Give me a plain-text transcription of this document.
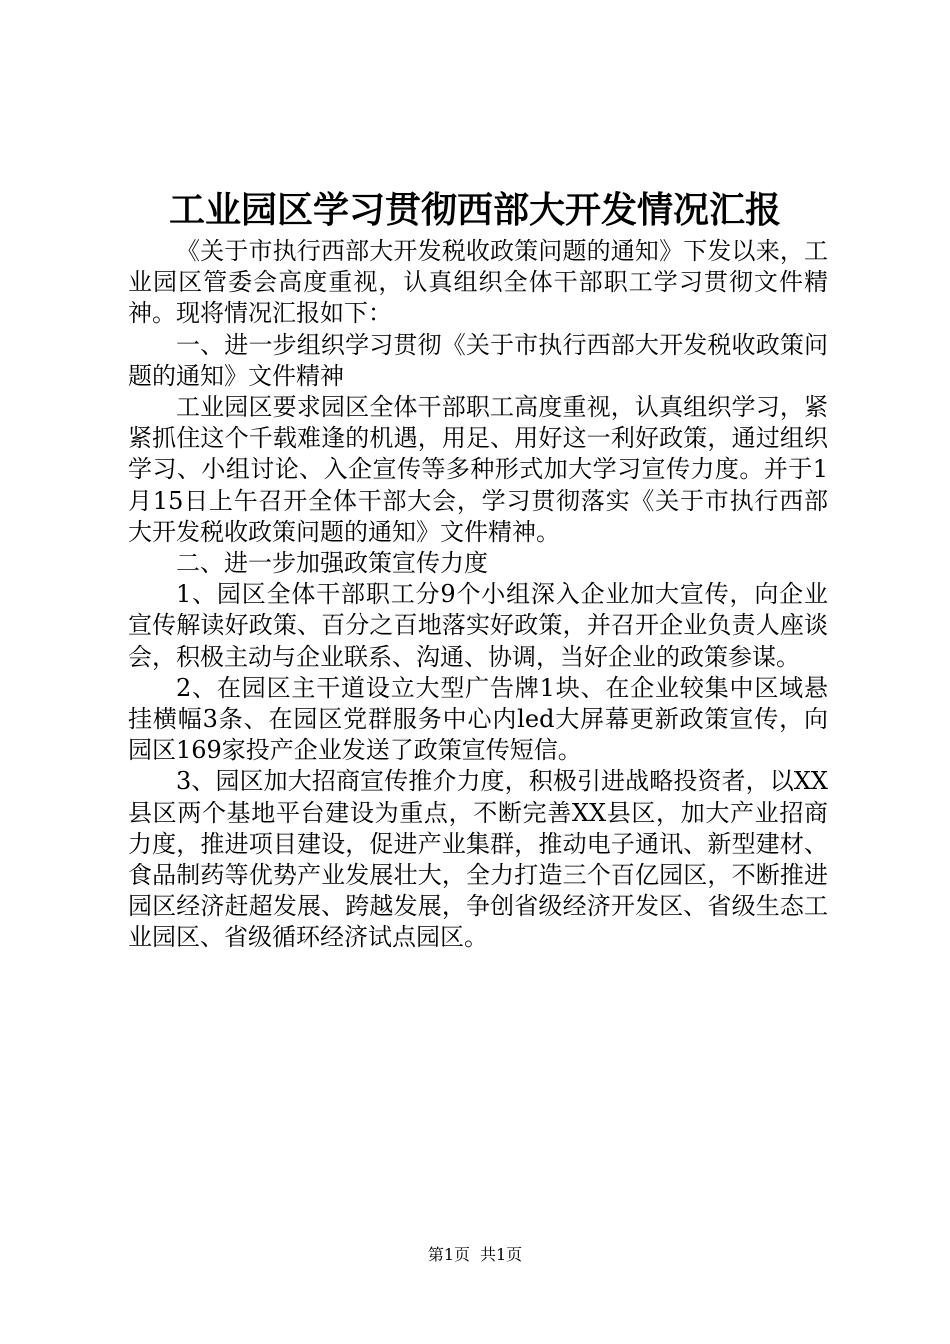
工业园区学习贯彻西部大开发情况汇报

《关于市执行西部大开发税收政策问题的通知》下发以来，工业园区管委会高度重视，认真组织全体干部职工学习贯彻文件精神。现将情况汇报如下：

一、进一步组织学习贯彻《关于市执行西部大开发税收政策问题的通知》文件精神

工业园区要求园区全体干部职工高度重视，认真组织学习，紧紧抓住这个千载难逢的机遇，用足、用好这一利好政策，通过组织学习、小组讨论、入企宣传等多种形式加大学习宣传力度。并于1月15日上午召开全体干部大会，学习贯彻落实《关于市执行西部大开发税收政策问题的通知》文件精神。

二、进一步加强政策宣传力度

1、园区全体干部职工分9个小组深入企业加大宣传，向企业宣传解读好政策、百分之百地落实好政策，并召开企业负责人座谈会，积极主动与企业联系、沟通、协调，当好企业的政策参谋。

2、在园区主干道设立大型广告牌1块、在企业较集中区域悬挂横幅3条、在园区党群服务中心内led大屏幕更新政策宣传，向园区169家投产企业发送了政策宣传短信。

3、园区加大招商宣传推介力度，积极引进战略投资者，以XX县区两个基地平台建设为重点，不断完善XX县区，加大产业招商力度，推进项目建设，促进产业集群，推动电子通讯、新型建材、食品制药等优势产业发展壮大，全力打造三个百亿园区，不断推进园区经济赶超发展、跨越发展，争创省级经济开发区、省级生态工业园区、省级循环经济试点园区。

第1页 共1页
